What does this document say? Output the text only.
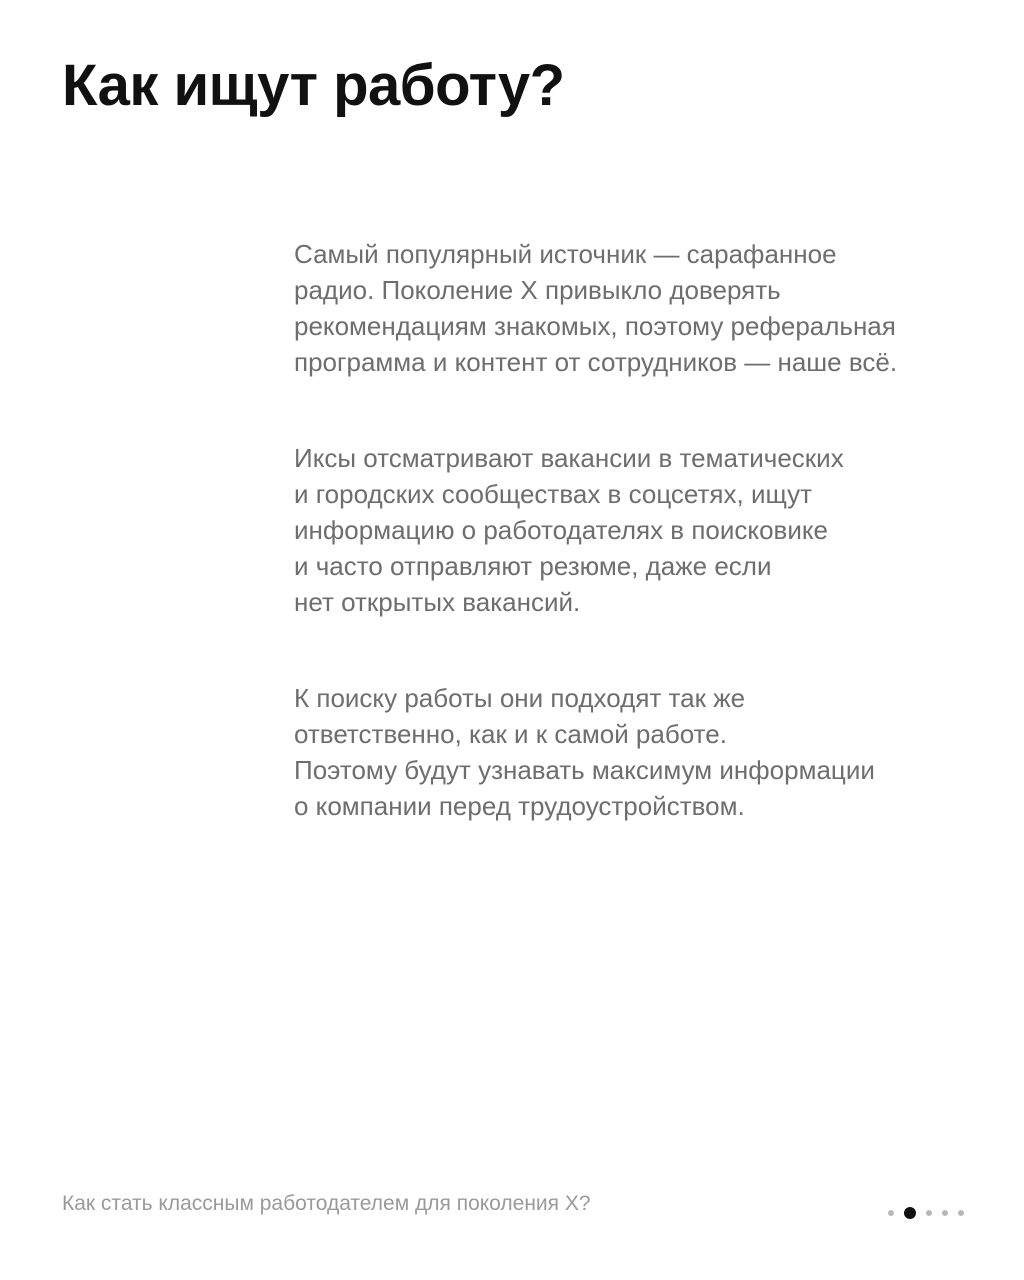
Как ищут работу?

Самый популярный источник — сарафанное
радио. Поколение X привыкло доверять
рекомендациям знакомых, поэтому реферальная
программа и контент от сотрудников — наше всё.

Иксы отсматривают вакансии в тематических
и городских сообществах в соцсетях, ищут
информацию о работодателях в поисковике
и часто отправляют резюме, даже если
нет открытых вакансий.

К поиску работы они подходят так же
ответственно, как и к самой работе.
Поэтому будут узнавать максимум информации
о компании перед трудоустройством.

Как стать классным работодателем для поколения X?
